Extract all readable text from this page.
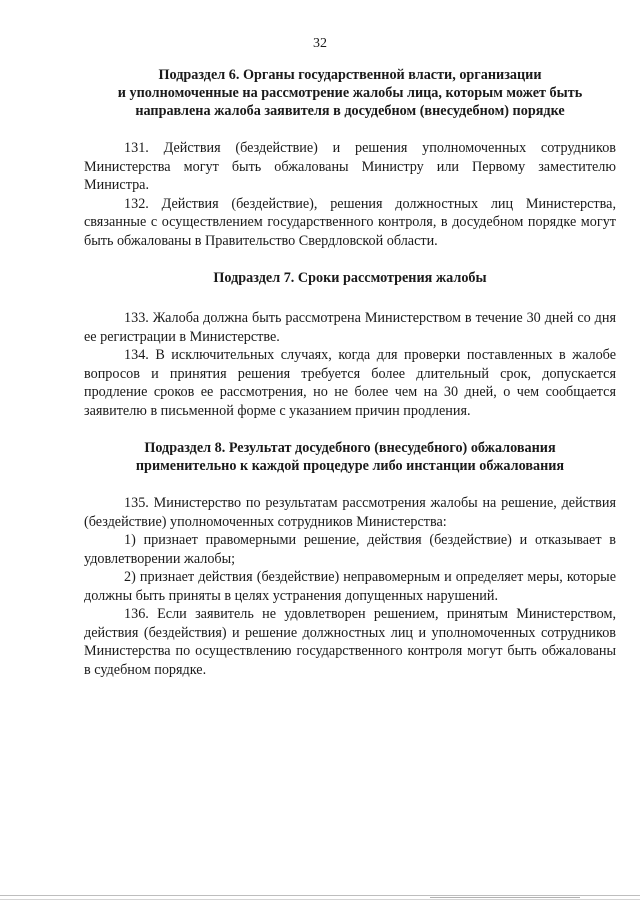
32
Подраздел 6. Органы государственной власти, организации
и уполномоченные на рассмотрение жалобы лица, которым может быть
направлена жалоба заявителя в досудебном (внесудебном) порядке

131. Действия (бездействие) и решения уполномоченных сотрудников Министерства могут быть обжалованы Министру или Первому заместителю Министра.

132. Действия (бездействие), решения должностных лиц Министерства, связанные с осуществлением государственного контроля, в досудебном порядке могут быть обжалованы в Правительство Свердловской области.

Подраздел 7. Сроки рассмотрения жалобы

133. Жалоба должна быть рассмотрена Министерством в течение 30 дней со дня ее регистрации в Министерстве.

134. В исключительных случаях, когда для проверки поставленных в жалобе вопросов и принятия решения требуется более длительный срок, допускается продление сроков ее рассмотрения, но не более чем на 30 дней, о чем сообщается заявителю в письменной форме с указанием причин продления.

Подраздел 8. Результат досудебного (внесудебного) обжалования
применительно к каждой процедуре либо инстанции обжалования

135. Министерство по результатам рассмотрения жалобы на решение, действия (бездействие) уполномоченных сотрудников Министерства:

1) признает правомерными решение, действия (бездействие) и отказывает в удовлетворении жалобы;

2) признает действия (бездействие) неправомерным и определяет меры, которые должны быть приняты в целях устранения допущенных нарушений.

136. Если заявитель не удовлетворен решением, принятым Министерством, действия (бездействия) и решение должностных лиц и уполномоченных сотрудников Министерства по осуществлению государственного контроля могут быть обжалованы в судебном порядке.
